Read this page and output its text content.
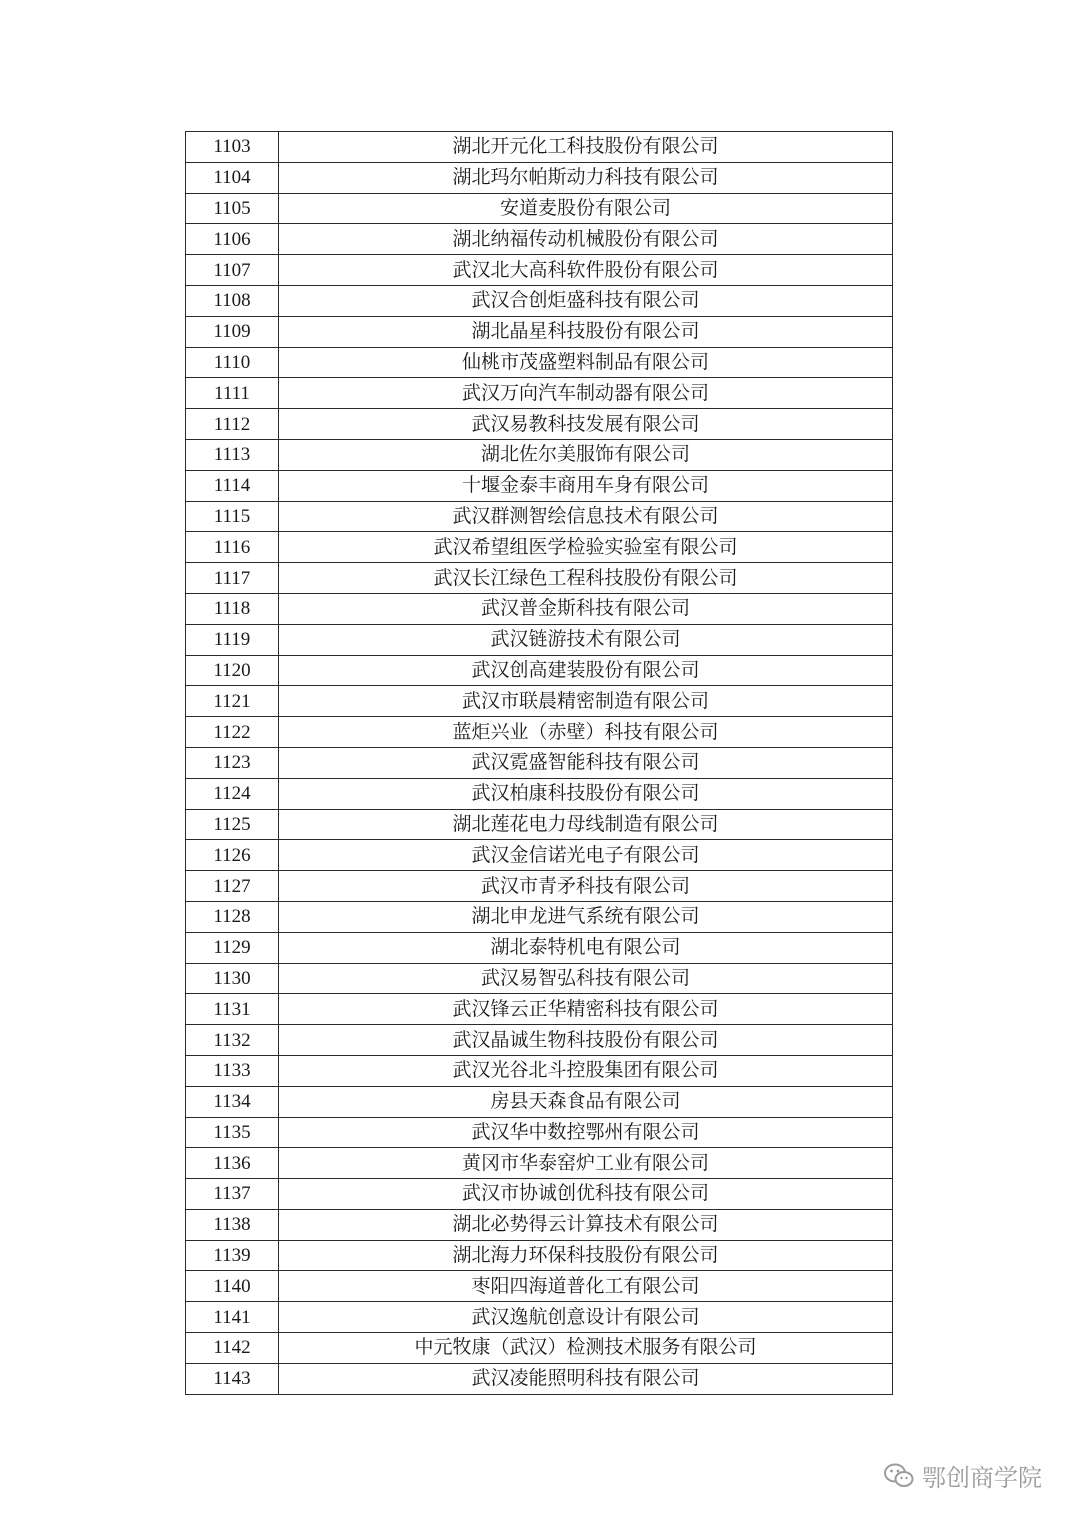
1103	湖北开元化工科技股份有限公司
1104	湖北玛尔帕斯动力科技有限公司
1105	安道麦股份有限公司
1106	湖北纳福传动机械股份有限公司
1107	武汉北大高科软件股份有限公司
1108	武汉合创炬盛科技有限公司
1109	湖北晶星科技股份有限公司
1110	仙桃市茂盛塑料制品有限公司
1111	武汉万向汽车制动器有限公司
1112	武汉易教科技发展有限公司
1113	湖北佐尔美服饰有限公司
1114	十堰金泰丰商用车身有限公司
1115	武汉群测智绘信息技术有限公司
1116	武汉希望组医学检验实验室有限公司
1117	武汉长江绿色工程科技股份有限公司
1118	武汉普金斯科技有限公司
1119	武汉链游技术有限公司
1120	武汉创高建装股份有限公司
1121	武汉市联晨精密制造有限公司
1122	蓝炬兴业（赤壁）科技有限公司
1123	武汉霓盛智能科技有限公司
1124	武汉柏康科技股份有限公司
1125	湖北莲花电力母线制造有限公司
1126	武汉金信诺光电子有限公司
1127	武汉市青矛科技有限公司
1128	湖北申龙进气系统有限公司
1129	湖北泰特机电有限公司
1130	武汉易智弘科技有限公司
1131	武汉锋云正华精密科技有限公司
1132	武汉晶诚生物科技股份有限公司
1133	武汉光谷北斗控股集团有限公司
1134	房县天森食品有限公司
1135	武汉华中数控鄂州有限公司
1136	黄冈市华泰窑炉工业有限公司
1137	武汉市协诚创优科技有限公司
1138	湖北必势得云计算技术有限公司
1139	湖北海力环保科技股份有限公司
1140	枣阳四海道普化工有限公司
1141	武汉逸航创意设计有限公司
1142	中元牧康（武汉）检测技术服务有限公司
1143	武汉凌能照明科技有限公司
鄂创商学院
